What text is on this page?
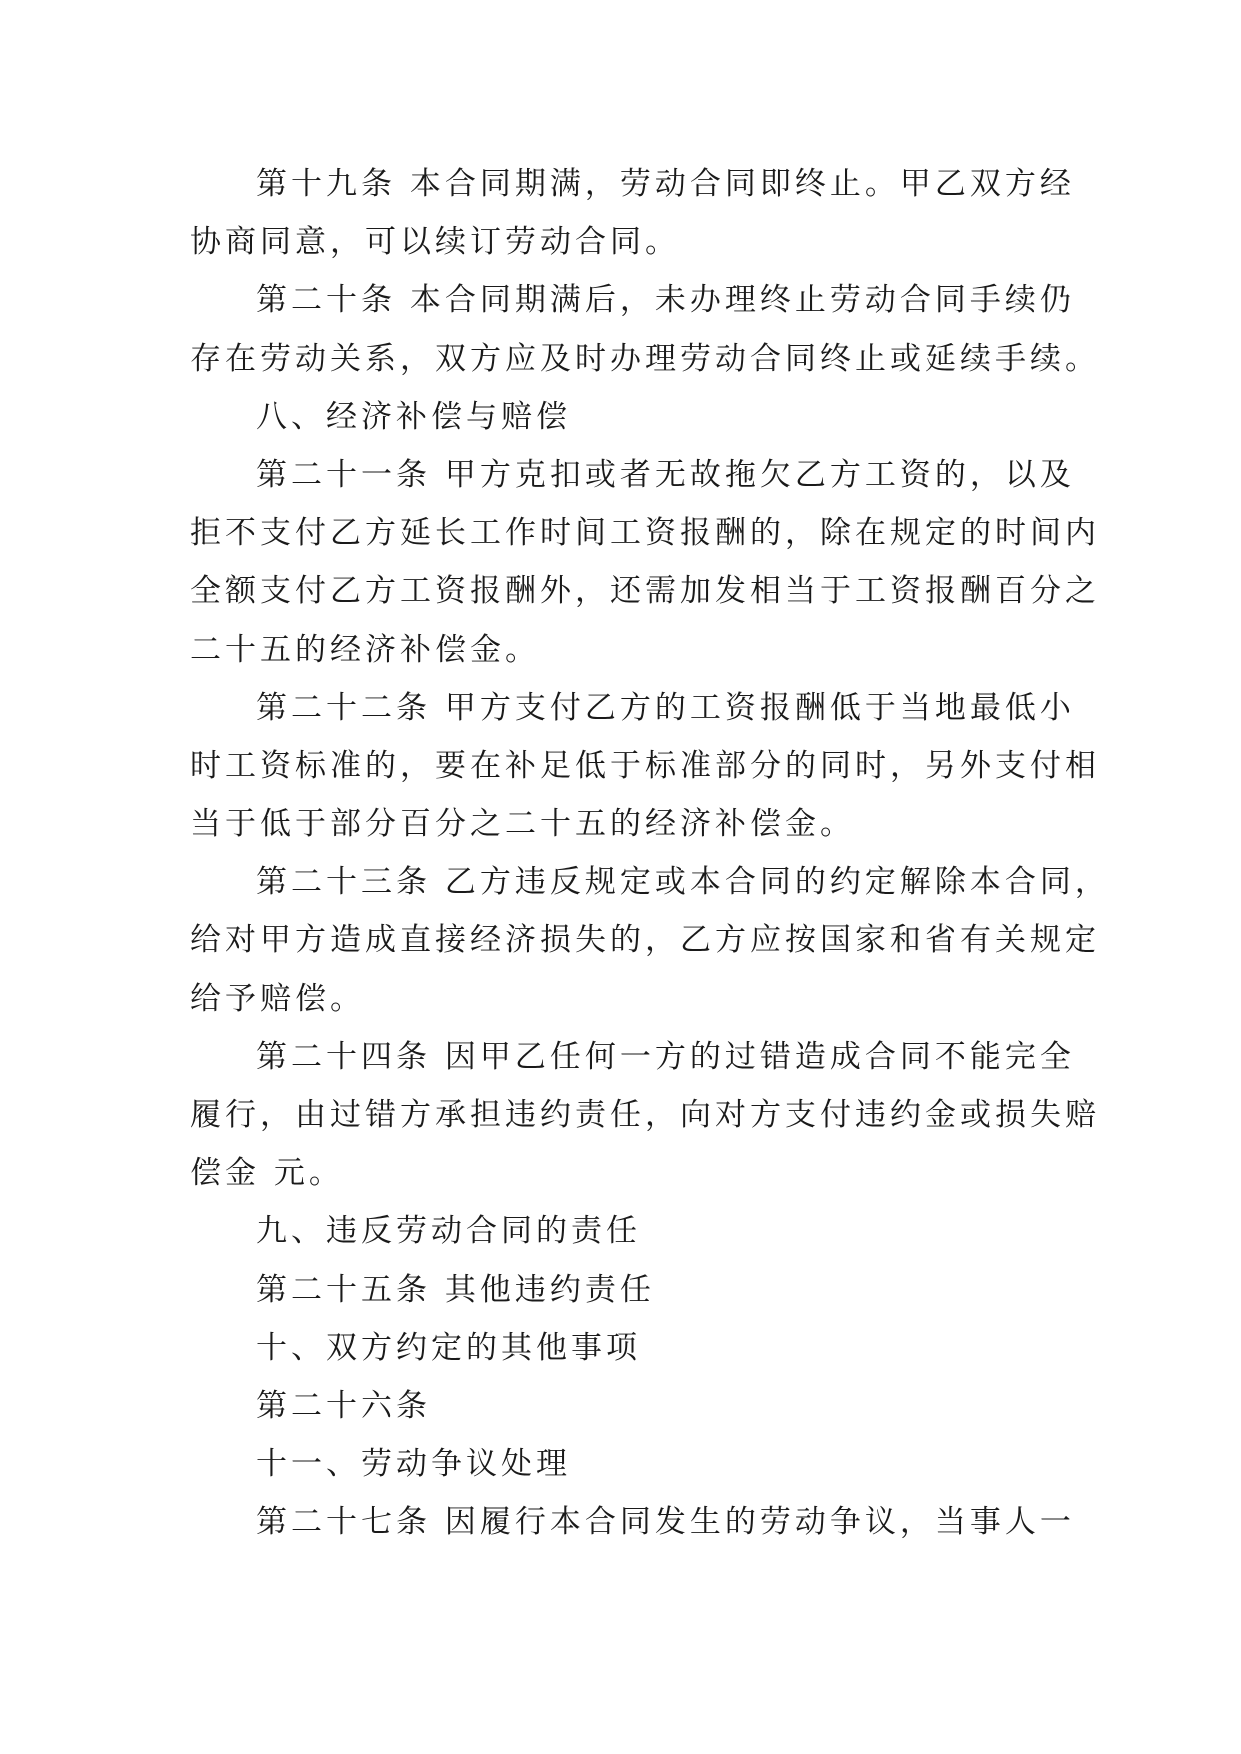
第十九条 本合同期满，劳动合同即终止。甲乙双方经
协商同意，可以续订劳动合同。
第二十条 本合同期满后，未办理终止劳动合同手续仍
存在劳动关系，双方应及时办理劳动合同终止或延续手续。
八、经济补偿与赔偿
第二十一条 甲方克扣或者无故拖欠乙方工资的，以及
拒不支付乙方延长工作时间工资报酬的，除在规定的时间内
全额支付乙方工资报酬外，还需加发相当于工资报酬百分之
二十五的经济补偿金。
第二十二条 甲方支付乙方的工资报酬低于当地最低小
时工资标准的，要在补足低于标准部分的同时，另外支付相
当于低于部分百分之二十五的经济补偿金。
第二十三条 乙方违反规定或本合同的约定解除本合同，
给对甲方造成直接经济损失的，乙方应按国家和省有关规定
给予赔偿。
第二十四条 因甲乙任何一方的过错造成合同不能完全
履行，由过错方承担违约责任，向对方支付违约金或损失赔
偿金 元。
九、违反劳动合同的责任
第二十五条 其他违约责任
十、双方约定的其他事项
第二十六条
十一、劳动争议处理
第二十七条 因履行本合同发生的劳动争议，当事人一
